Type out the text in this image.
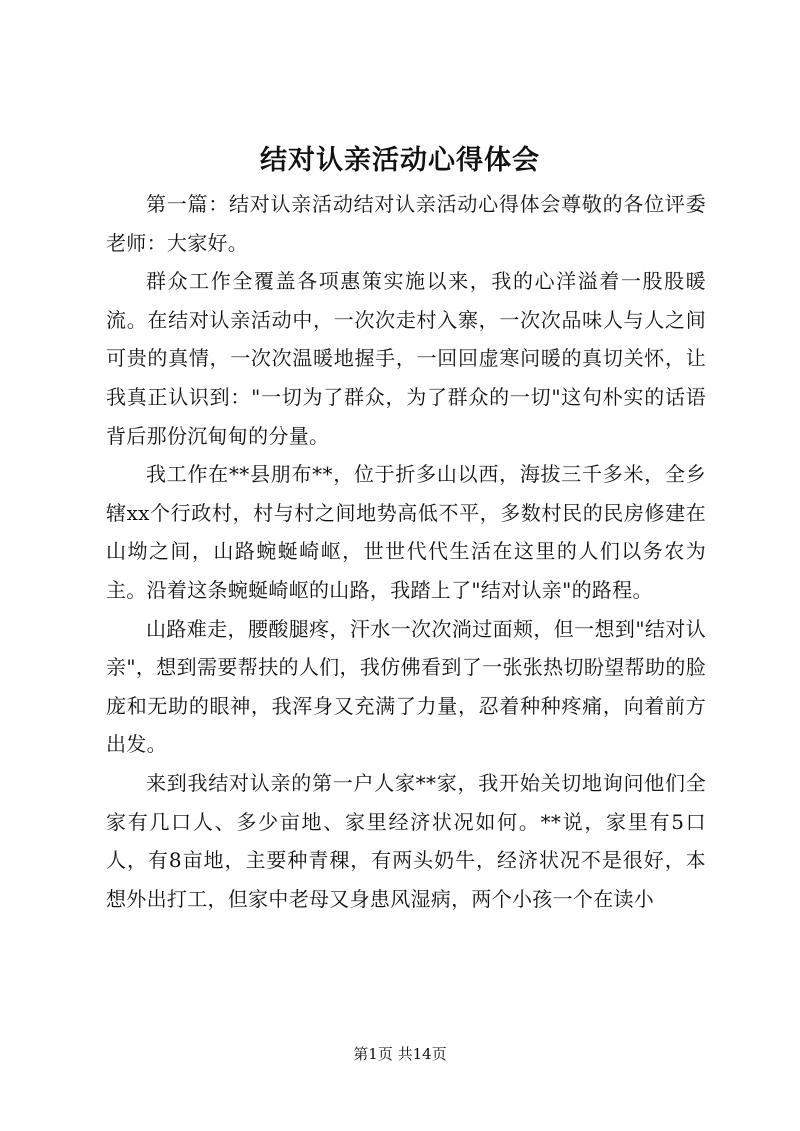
结对认亲活动心得体会

第一篇：结对认亲活动结对认亲活动心得体会尊敬的各位评委老师：大家好。

群众工作全覆盖各项惠策实施以来，我的心洋溢着一股股暖流。在结对认亲活动中，一次次走村入寨，一次次品味人与人之间可贵的真情，一次次温暖地握手，一回回虚寒问暖的真切关怀，让我真正认识到："一切为了群众，为了群众的一切"这句朴实的话语背后那份沉甸甸的分量。

我工作在**县朋布**，位于折多山以西，海拔三千多米，全乡辖xx个行政村，村与村之间地势高低不平，多数村民的民房修建在山坳之间，山路蜿蜒崎岖，世世代代生活在这里的人们以务农为主。沿着这条蜿蜒崎岖的山路，我踏上了"结对认亲"的路程。

山路难走，腰酸腿疼，汗水一次次淌过面颊，但一想到"结对认亲"，想到需要帮扶的人们，我仿佛看到了一张张热切盼望帮助的脸庞和无助的眼神，我浑身又充满了力量，忍着种种疼痛，向着前方出发。

来到我结对认亲的第一户人家**家，我开始关切地询问他们全家有几口人、多少亩地、家里经济状况如何。**说，家里有5口人，有8亩地，主要种青稞，有两头奶牛，经济状况不是很好，本想外出打工，但家中老母又身患风湿病，两个小孩一个在读小

第1页 共14页
